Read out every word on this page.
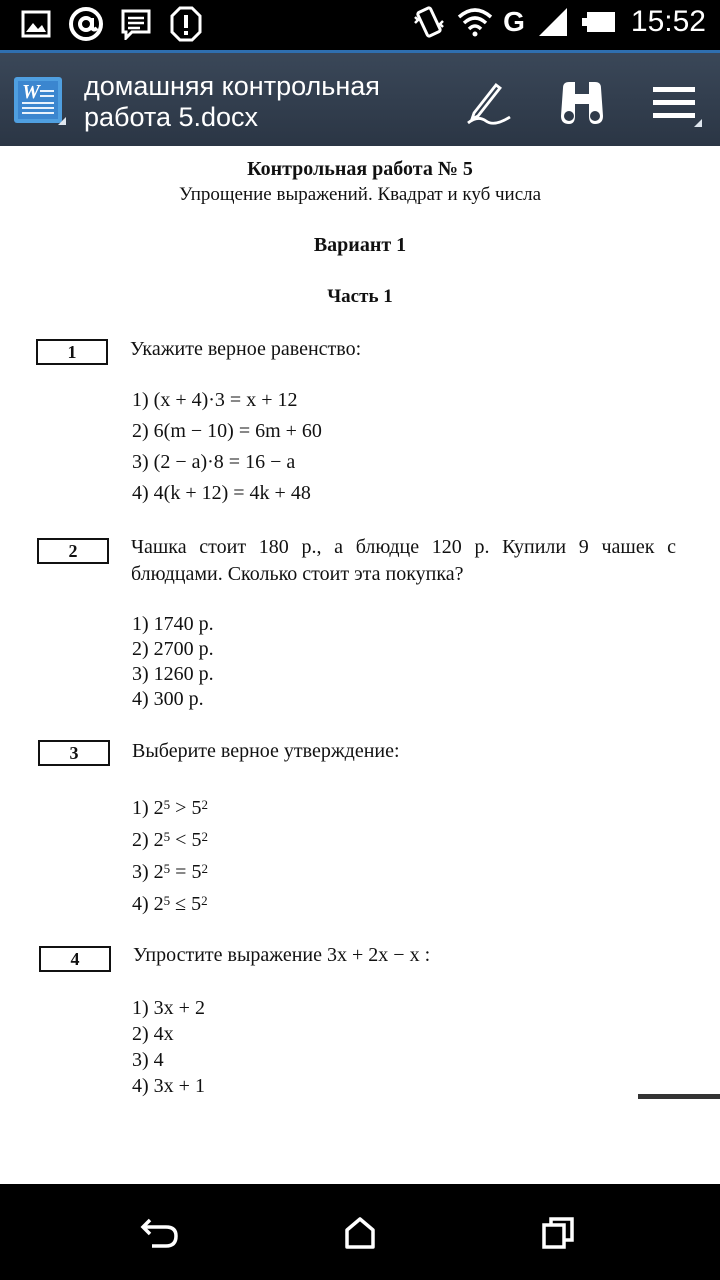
G	15:52
W домашняя контрольная
работа 5.docx
Контрольная работа № 5
Упрощение выражений. Квадрат и куб числа
Вариант 1
Часть 1
1	Укажите верное равенство:
1) (x + 4)·3 = x + 12
2) 6(m − 10) = 6m + 60
3) (2 − a)·8 = 16 − a
4) 4(k + 12) = 4k + 48
2	Чашка стоит 180 р., а блюдце 120 р. Купили 9 чашек с блюдцами. Сколько стоит эта покупка?
1) 1740 р.
2) 2700 р.
3) 1260 р.
4) 300 р.
3	Выберите верное утверждение:
1) $2^5 > 5^2$
2) $2^5 < 5^2$
3) $2^5 = 5^2$
4) $2^5 \le 5^2$
4	Упростите выражение 3x + 2x − x :
1) 3x + 2
2) 4x
3) 4
4) 3x + 1
